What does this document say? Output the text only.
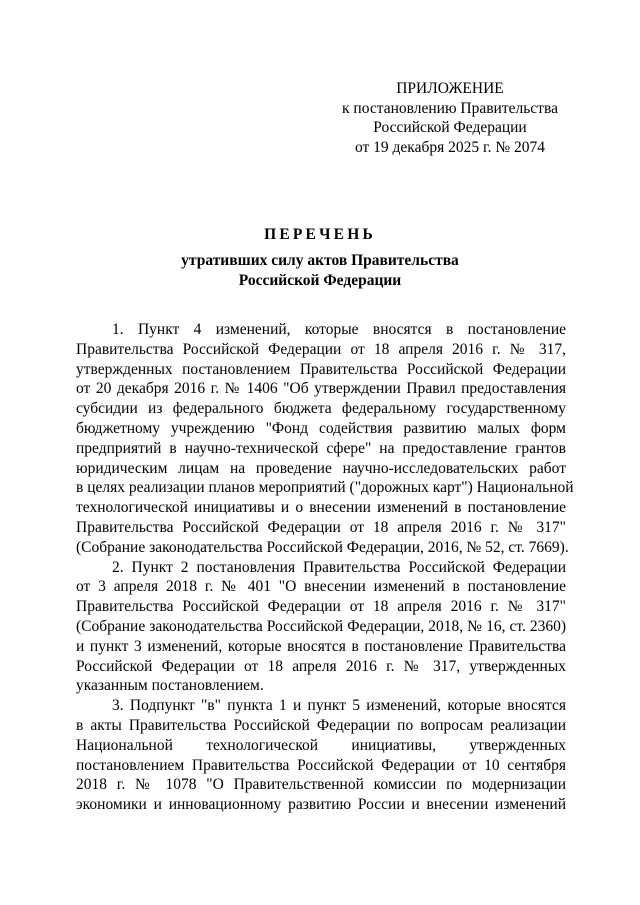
ПРИЛОЖЕНИЕ
к постановлению Правительства
Российской Федерации
от 19 декабря 2025 г. № 2074
ПЕРЕЧЕНЬ
утративших силу актов Правительства
Российской Федерации
1. Пункт 4 изменений, которые вносятся в постановление
Правительства Российской Федерации от 18 апреля 2016 г. № 317,
утвержденных постановлением Правительства Российской Федерации
от 20 декабря 2016 г. № 1406 "Об утверждении Правил предоставления
субсидии из федерального бюджета федеральному государственному
бюджетному учреждению "Фонд содействия развитию малых форм
предприятий в научно-технической сфере" на предоставление грантов
юридическим лицам на проведение научно-исследовательских работ
в целях реализации планов мероприятий ("дорожных карт") Национальной
технологической инициативы и о внесении изменений в постановление
Правительства Российской Федерации от 18 апреля 2016 г. № 317"
(Собрание законодательства Российской Федерации, 2016, № 52, ст. 7669).
2. Пункт 2 постановления Правительства Российской Федерации
от 3 апреля 2018 г. № 401 "О внесении изменений в постановление
Правительства Российской Федерации от 18 апреля 2016 г. № 317"
(Собрание законодательства Российской Федерации, 2018, № 16, ст. 2360)
и пункт 3 изменений, которые вносятся в постановление Правительства
Российской Федерации от 18 апреля 2016 г. № 317, утвержденных
указанным постановлением.
3. Подпункт "в" пункта 1 и пункт 5 изменений, которые вносятся
в акты Правительства Российской Федерации по вопросам реализации
Национальной технологической инициативы, утвержденных
постановлением Правительства Российской Федерации от 10 сентября
2018 г. № 1078 "О Правительственной комиссии по модернизации
экономики и инновационному развитию России и внесении изменений
